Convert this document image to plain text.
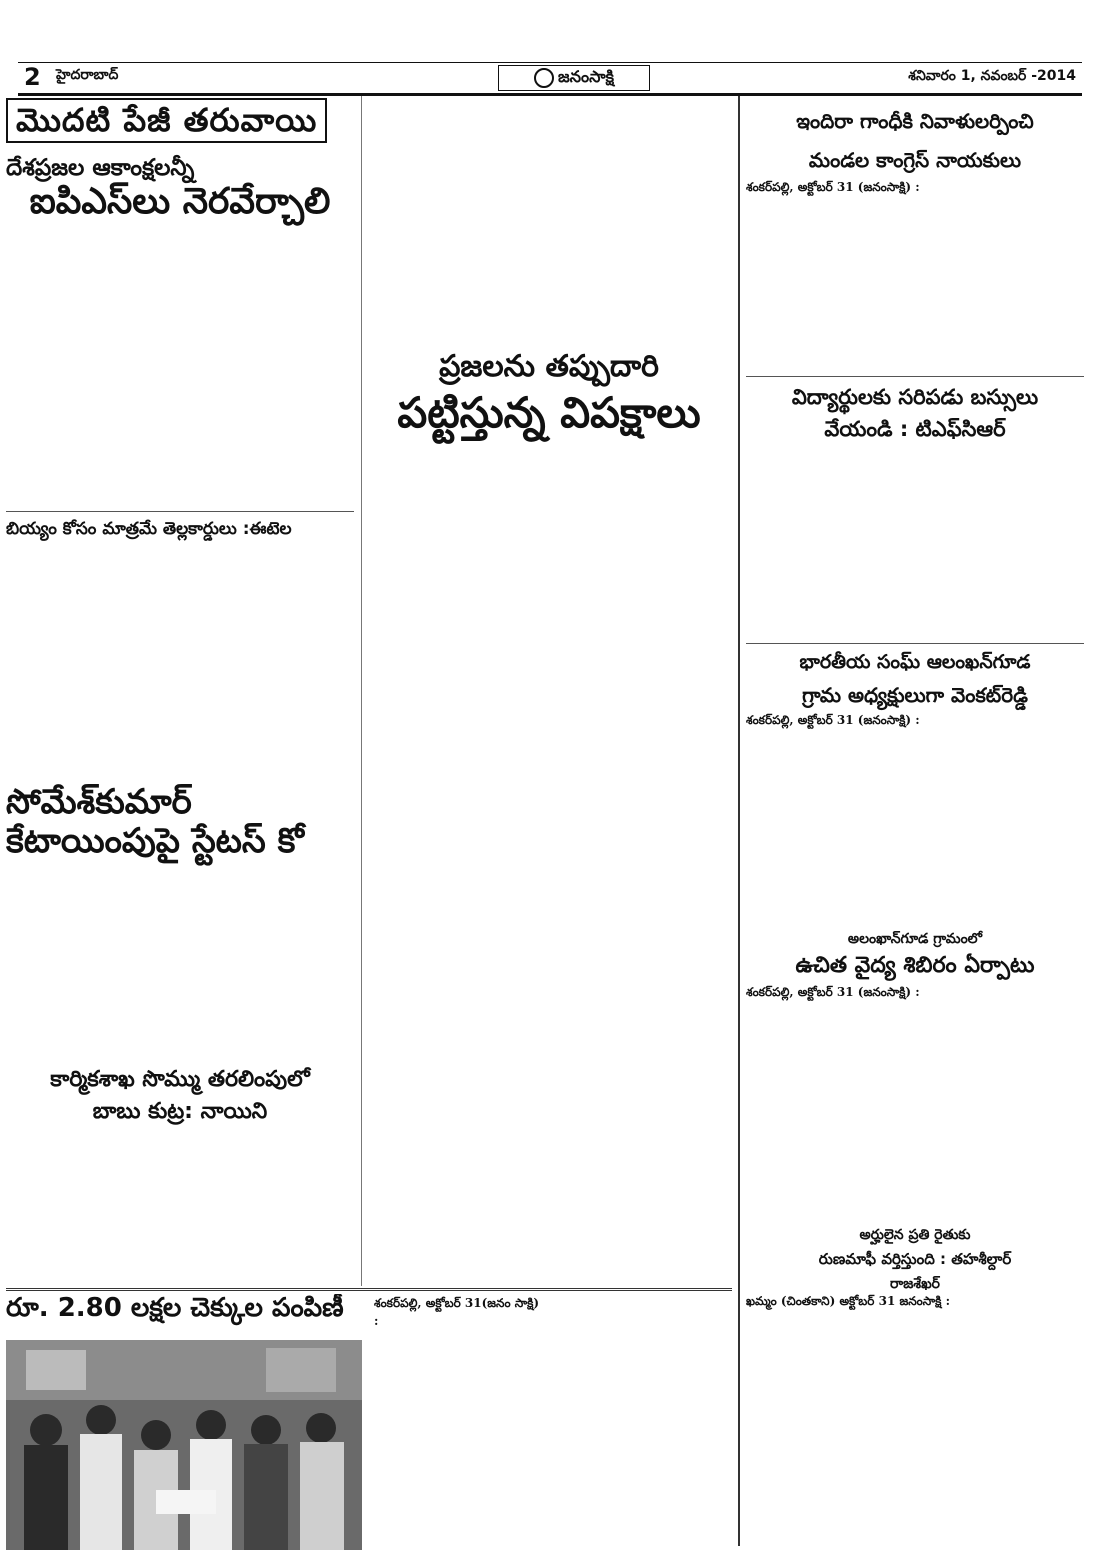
2 హైదరాబాద్	జనంసాక్షి	శనివారం 1, నవంబర్ -2014
మొదటి పేజీ తరువాయి
దేశప్రజల ఆకాంక్షలన్నీ
ఐపిఎస్‌లు నెరవేర్చాలి

బియ్యం కోసం మాత్రమే తెల్లకార్డులు :ఈటెల

సోమేశ్‌కుమార్
కేటాయింపుపై స్టేటస్ కో

కార్మికశాఖ సొమ్ము తరలింపులో
బాబు కుట్ర: నాయిని

ప్రజలను తప్పుదారి
పట్టిస్తున్న విపక్షాలు

రూ. 2.80 లక్షల చెక్కుల పంపిణీ	శంకర్‌పల్లి, అక్టోబర్ 31(జనం సాక్షి) :

ఇందిరా గాంధీకి నివాళులర్పించి
మండల కాంగ్రెస్ నాయకులు

శంకర్‌పల్లి, అక్టోబర్ 31 (జనంసాక్షి) :

విద్యార్థులకు సరిపడు బస్సులు
వేయండి : టిఎఫ్‌సిఆర్

భారతీయ సంఘ్ ఆలంఖన్‌గూడ
గ్రామ అధ్యక్షులుగా వెంకట్‌రెడ్డి

శంకర్‌పల్లి, అక్టోబర్ 31 (జనంసాక్షి) :

అలంఖాన్‌గూడ గ్రామంలో
ఉచిత వైద్య శిబిరం ఏర్పాటు

శంకర్‌పల్లి, అక్టోబర్ 31 (జనంసాక్షి) :

అర్హులైన ప్రతి రైతుకు
రుణమాఫీ వర్తిస్తుంది : తహశీల్దార్

రాజశేఖర్

ఖమ్మం (చింతకాని) అక్టోబర్ 31 జనంసాక్షి :
